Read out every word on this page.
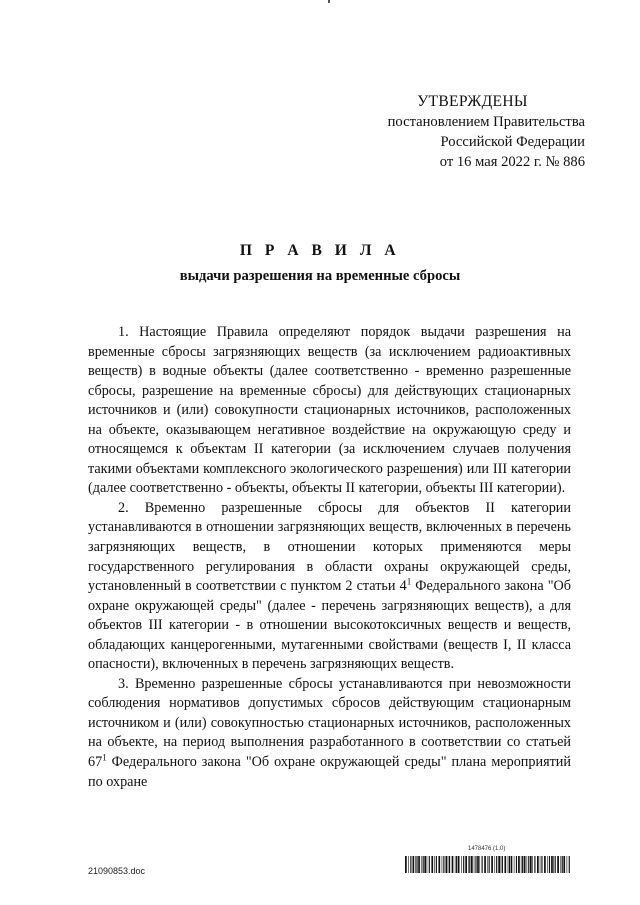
УТВЕРЖДЕНЫ
постановлением Правительства
Российской Федерации
от 16 мая 2022 г. № 886
П Р А В И Л А
выдачи разрешения на временные сбросы

1. Настоящие Правила определяют порядок выдачи разрешения на временные сбросы загрязняющих веществ (за исключением радиоактивных веществ) в водные объекты (далее соответственно - временно разрешенные сбросы, разрешение на временные сбросы) для действующих стационарных источников и (или) совокупности стационарных источников, расположенных на объекте, оказывающем негативное воздействие на окружающую среду и относящемся к объектам II категории (за исключением случаев получения такими объектами комплексного экологического разрешения) или III категории (далее соответственно - объекты, объекты II категории, объекты III категории).

2. Временно разрешенные сбросы для объектов II категории устанавливаются в отношении загрязняющих веществ, включенных в перечень загрязняющих веществ, в отношении которых применяются меры государственного регулирования в области охраны окружающей среды, установленный в соответствии с пунктом 2 статьи $4^1$ Федерального закона "Об охране окружающей среды" (далее - перечень загрязняющих веществ), а для объектов III категории - в отношении высокотоксичных веществ и веществ, обладающих канцерогенными, мутагенными свойствами (веществ I, II класса опасности), включенных в перечень загрязняющих веществ.

3. Временно разрешенные сбросы устанавливаются при невозможности соблюдения нормативов допустимых сбросов действующим стационарным источником и (или) совокупностью стационарных источников, расположенных на объекте, на период выполнения разработанного в соответствии со статьей $67^1$ Федерального закона "Об охране окружающей среды" плана мероприятий по охране

1478476 (1.0)
21090853.doc
